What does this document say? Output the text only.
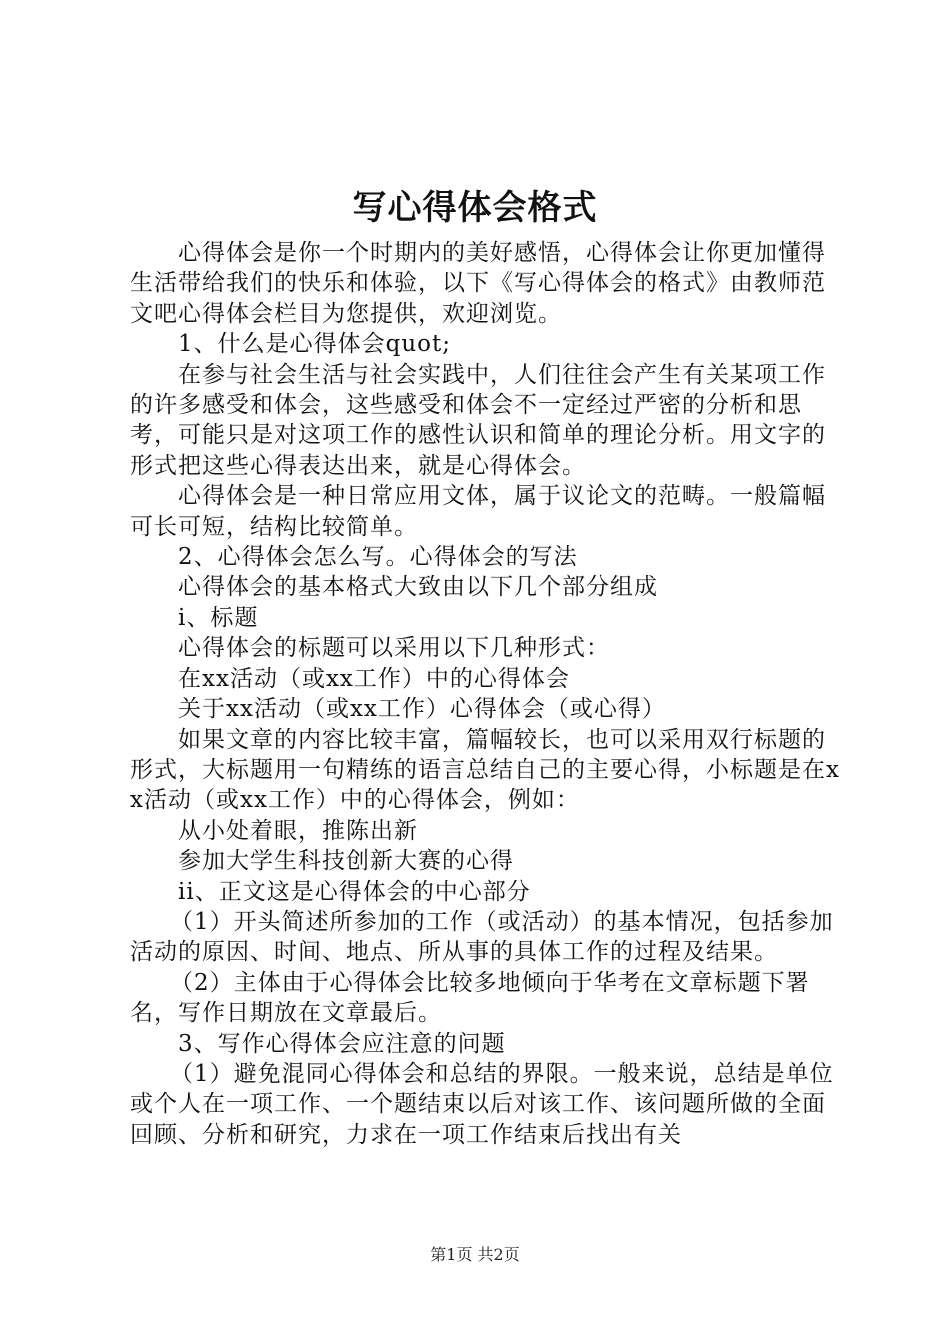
写心得体会格式

心得体会是你一个时期内的美好感悟，心得体会让你更加懂得生活带给我们的快乐和体验，以下《写心得体会的格式》由教师范文吧心得体会栏目为您提供，欢迎浏览。

1、什么是心得体会quot;

在参与社会生活与社会实践中，人们往往会产生有关某项工作的许多感受和体会，这些感受和体会不一定经过严密的分析和思考，可能只是对这项工作的感性认识和简单的理论分析。用文字的形式把这些心得表达出来，就是心得体会。

心得体会是一种日常应用文体，属于议论文的范畴。一般篇幅可长可短，结构比较简单。

2、心得体会怎么写。心得体会的写法

心得体会的基本格式大致由以下几个部分组成

i、标题

心得体会的标题可以采用以下几种形式：

在xx活动（或xx工作）中的心得体会

关于xx活动（或xx工作）心得体会（或心得）

如果文章的内容比较丰富，篇幅较长，也可以采用双行标题的形式，大标题用一句精练的语言总结自己的主要心得，小标题是在xx活动（或xx工作）中的心得体会，例如：

从小处着眼，推陈出新

参加大学生科技创新大赛的心得

ii、正文这是心得体会的中心部分

（1）开头简述所参加的工作（或活动）的基本情况，包括参加活动的原因、时间、地点、所从事的具体工作的过程及结果。

（2）主体由于心得体会比较多地倾向于华考在文章标题下署名，写作日期放在文章最后。

3、写作心得体会应注意的问题

（1）避免混同心得体会和总结的界限。一般来说，总结是单位或个人在一项工作、一个题结束以后对该工作、该问题所做的全面回顾、分析和研究，力求在一项工作结束后找出有关

第1页 共2页
